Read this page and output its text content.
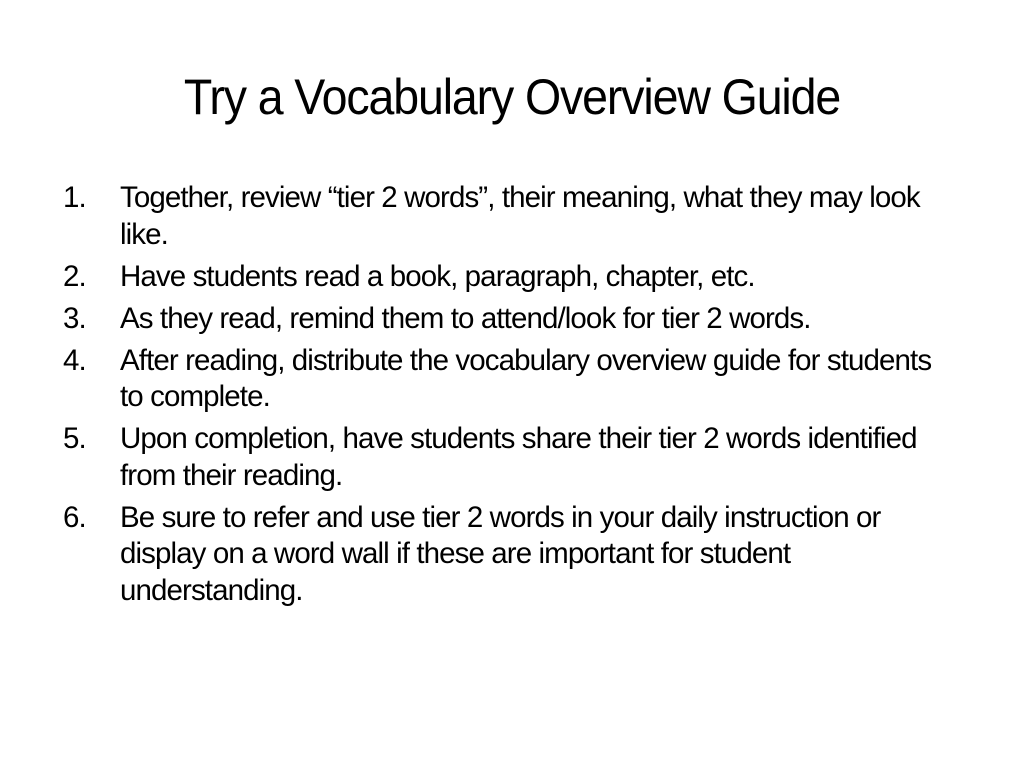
Try a Vocabulary Overview Guide
1. Together, review “tier 2 words”, their meaning, what they may look like.
2. Have students read a book, paragraph, chapter, etc.
3. As they read, remind them to attend/look for tier 2 words.
4. After reading, distribute the vocabulary overview guide for students to complete.
5. Upon completion, have students share their tier 2 words identified from their reading.
6. Be sure to refer and use tier 2 words in your daily instruction or display on a word wall if these are important for student understanding.
